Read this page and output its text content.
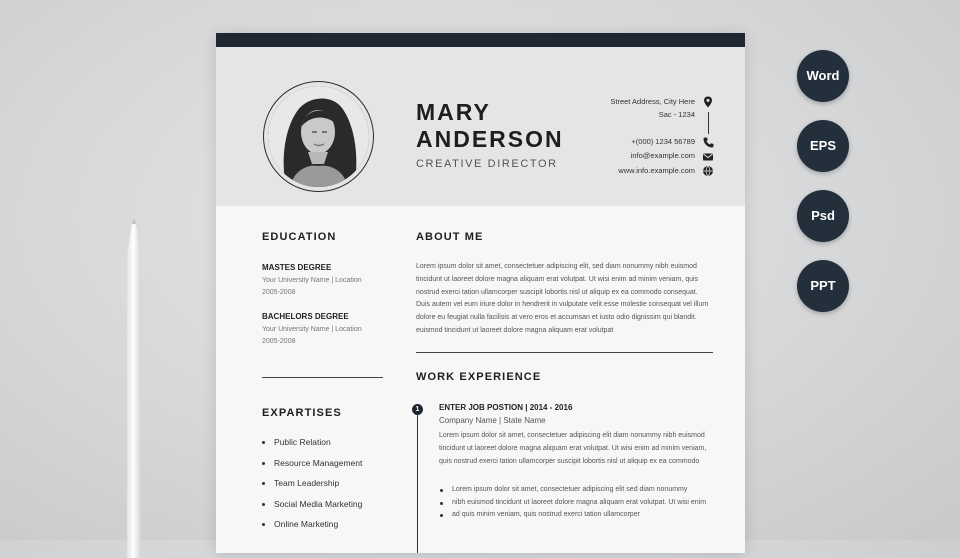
MARY
ANDERSON
CREATIVE DIRECTOR
Street Address, City Here
Sac - 1234
+(000) 1234 56789
info@example.com
www.info.example.com
EDUCATION
MASTES DEGREE
Your University Name | Location
2005-2008
BACHELORS DEGREE
Your University Name | Location
2005-2008
EXPARTISES
Public Relation
Resource Management
Team Leadership
Social Media Marketing
Online Marketing
ABOUT ME
Lorem ipsum dolor sit amet, consectetuer adipiscing elit, sed diam nonummy nibh euismod
tincidunt ut laoreet dolore magna aliquam erat volutpat. Ut wisi enim ad minim veniam, quis
nostrud exerci tation ullamcorper suscipit lobortis nisl ut aliquip ex ea commodo consequat.
Duis autem vel eum iriure dolor in hendrerit in vulputate velit esse molestie consequat vel illum
dolore eu feugiat nulla facilisis at vero eros et accumsan et iusto odio dignissim qui blandit.
euismod tincidunt ut laoreet dolore magna aliquam erat volutpat
WORK EXPERIENCE
1	ENTER JOB POSTION | 2014 - 2016
Company Name | State Name
Lorem ipsum dolor sit amet, consectetuer adipiscing elit diam nonummy nibh euismod
tincidunt ut laoreet dolore magna aliquam erat volutpat. Ut wisi enim ad minim veniam,
quis nostrud exerci tation ullamcorper suscipit lobortis nisl ut aliquip ex ea commodo
Lorem ipsum dolor sit amet, consectetuer adipiscing elit sed diam nonummy
nibh euismod tincidunt ut laoreet dolore magna aliquam erat volutpat. Ut wisi enim
ad quis minim veniam, quis nostrud exerci tation ullamcorper
Word
EPS
Psd
PPT
